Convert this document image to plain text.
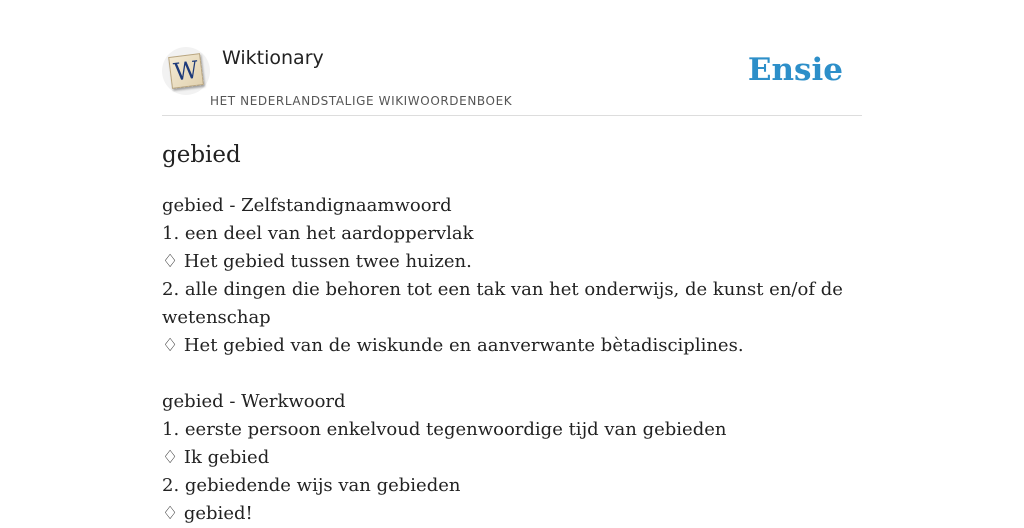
W Wiktionary
HET NEDERLANDSTALIGE WIKIWOORDENBOEK
Ensie
gebied
gebied - Zelfstandignaamwoord
1. een deel van het aardoppervlak
♢ Het gebied tussen twee huizen.
2. alle dingen die behoren tot een tak van het onderwijs, de kunst en/of de wetenschap
♢ Het gebied van de wiskunde en aanverwante bètadisciplines.
gebied - Werkwoord
1. eerste persoon enkelvoud tegenwoordige tijd van gebieden
♢ Ik gebied
2. gebiedende wijs van gebieden
♢ gebied!
